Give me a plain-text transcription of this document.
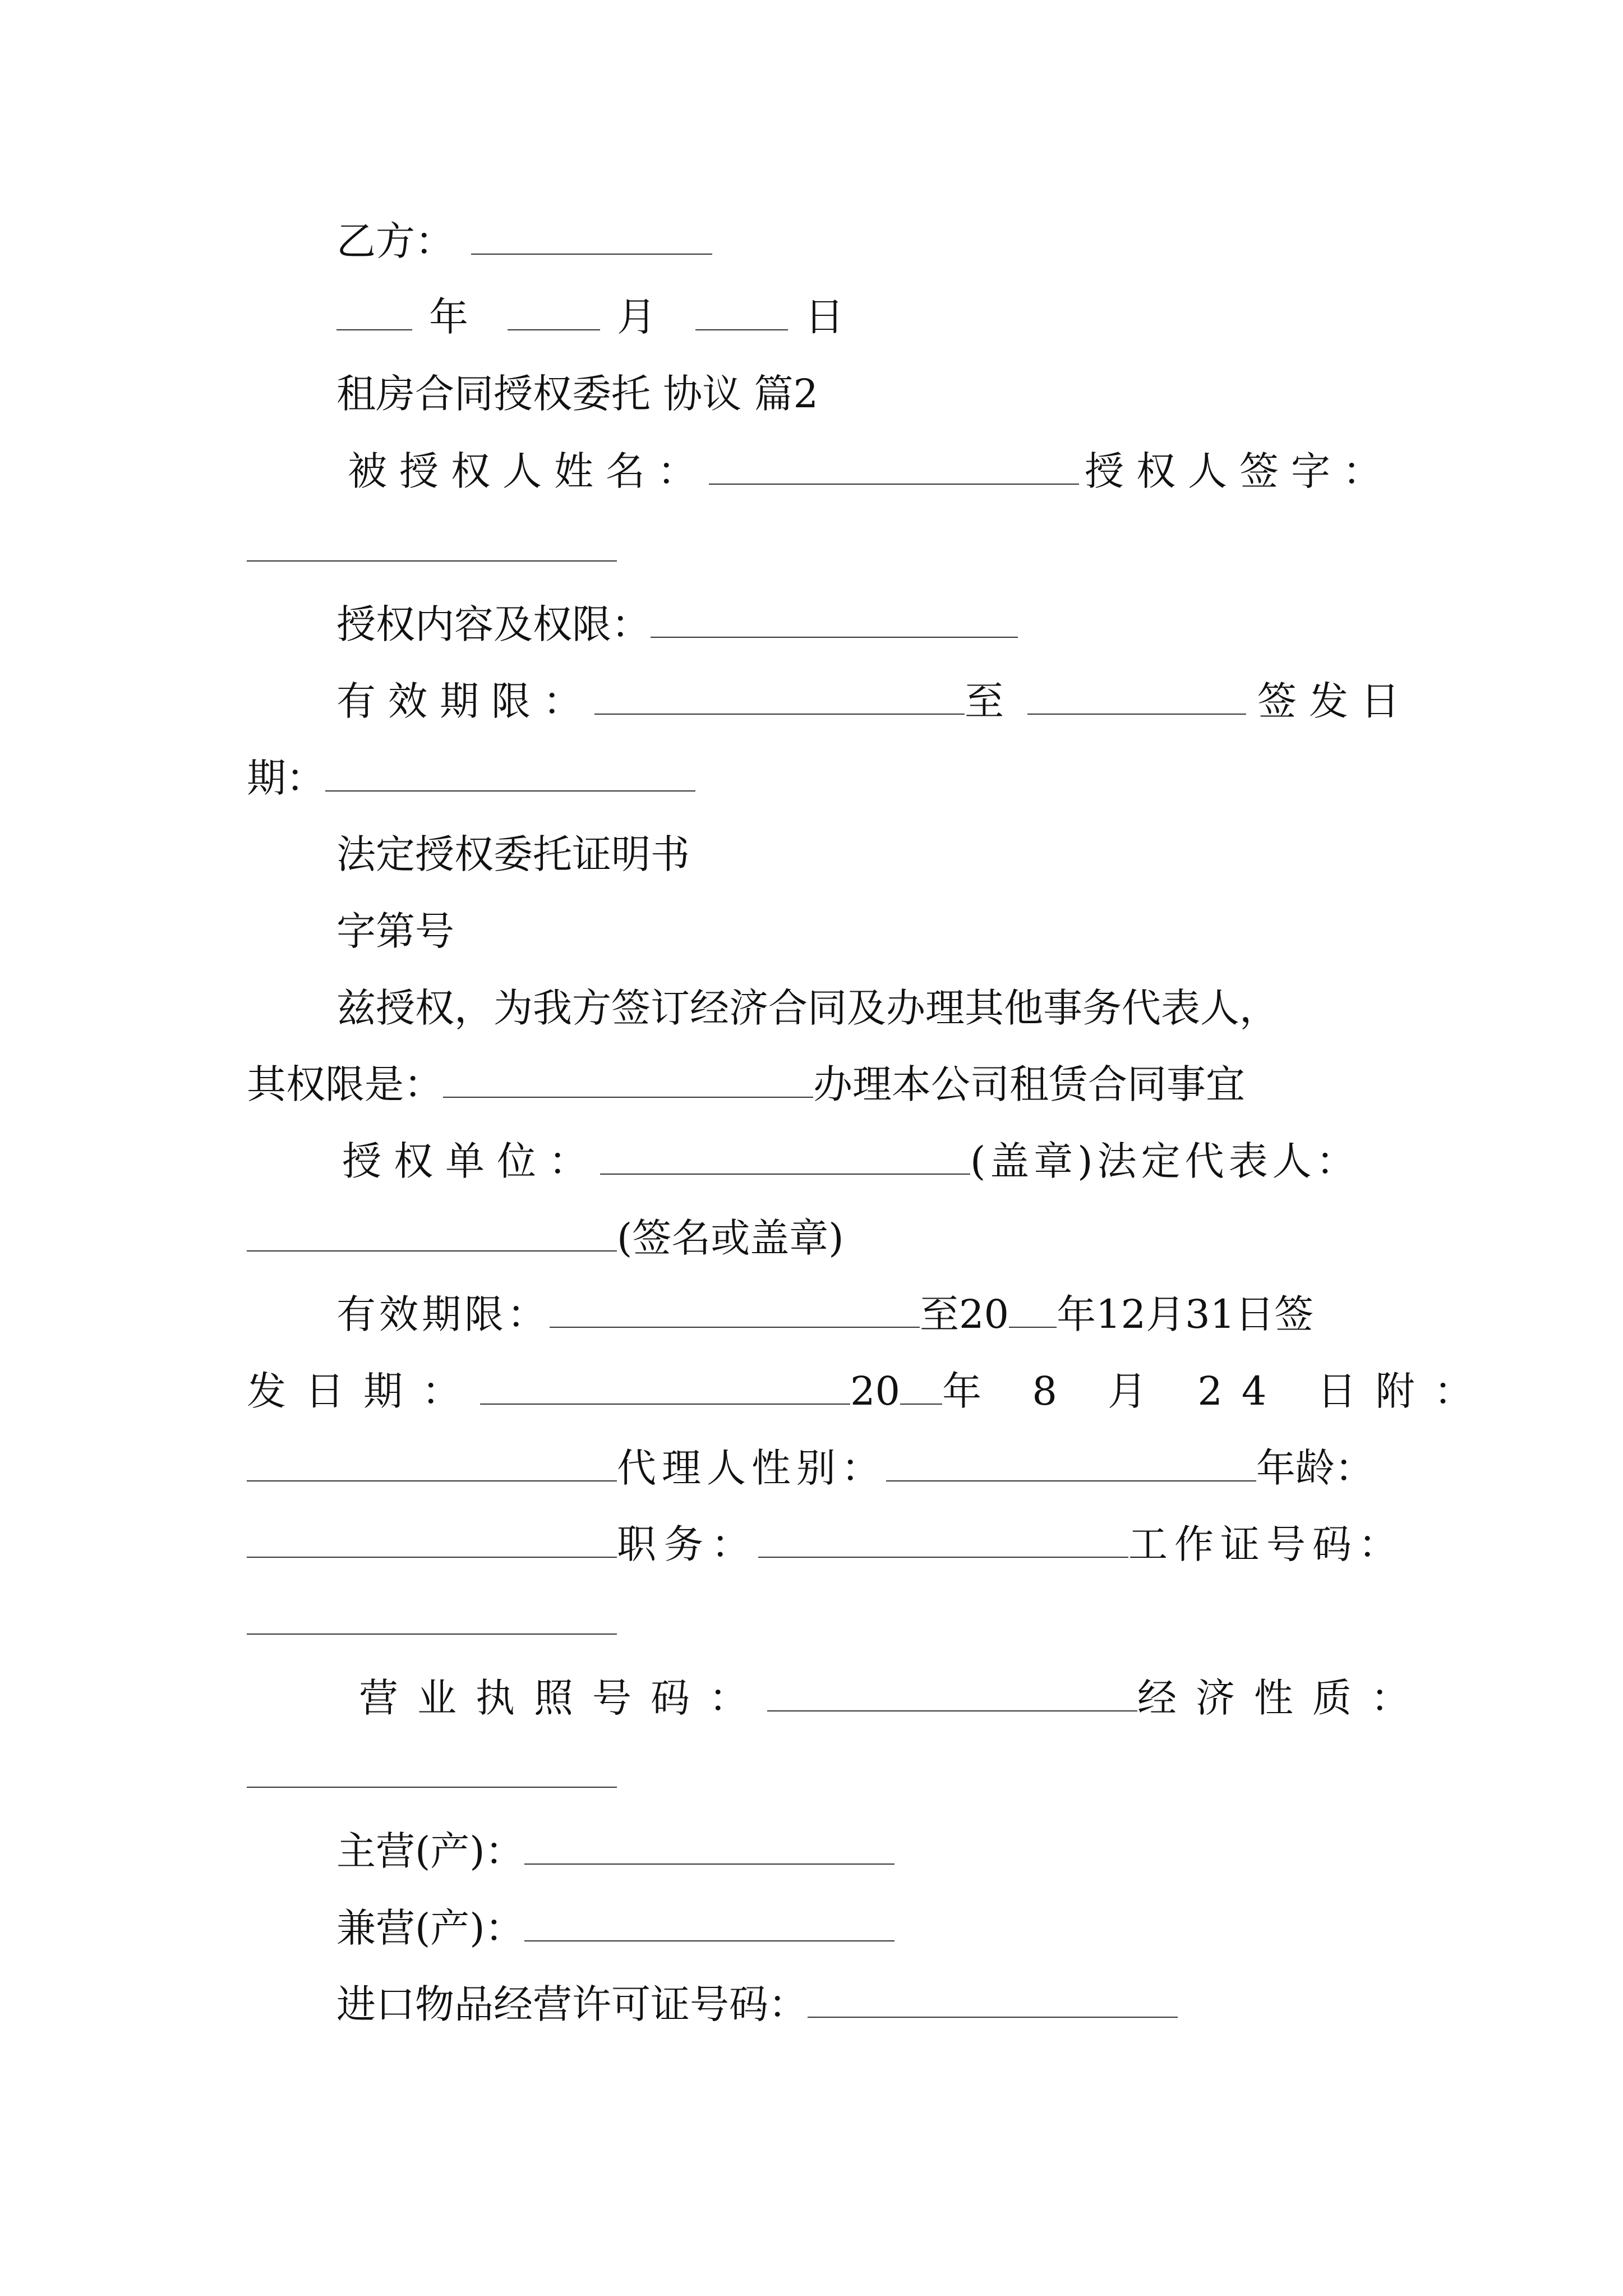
乙方：
年	月	日
租房合同授权委托 协议 篇2
被授权人姓名：	授权人签字：
授权内容及权限：
有效期限：	至	签发日
期：
法定授权委托证明书
字第号
兹授权，为我方签订经济合同及办理其他事务代表人，
其权限是：	办理本公司租赁合同事宜
授权单位：	(盖章)法定代表人：
(签名或盖章)
有效期限：	至20 年12月31日签
发日期：	20 年 8 月 24 日附：
代理人性别：	年龄：
职务：	工作证号码：
营业执照号码：	经济性质：
主营(产)：
兼营(产)：
进口物品经营许可证号码：
